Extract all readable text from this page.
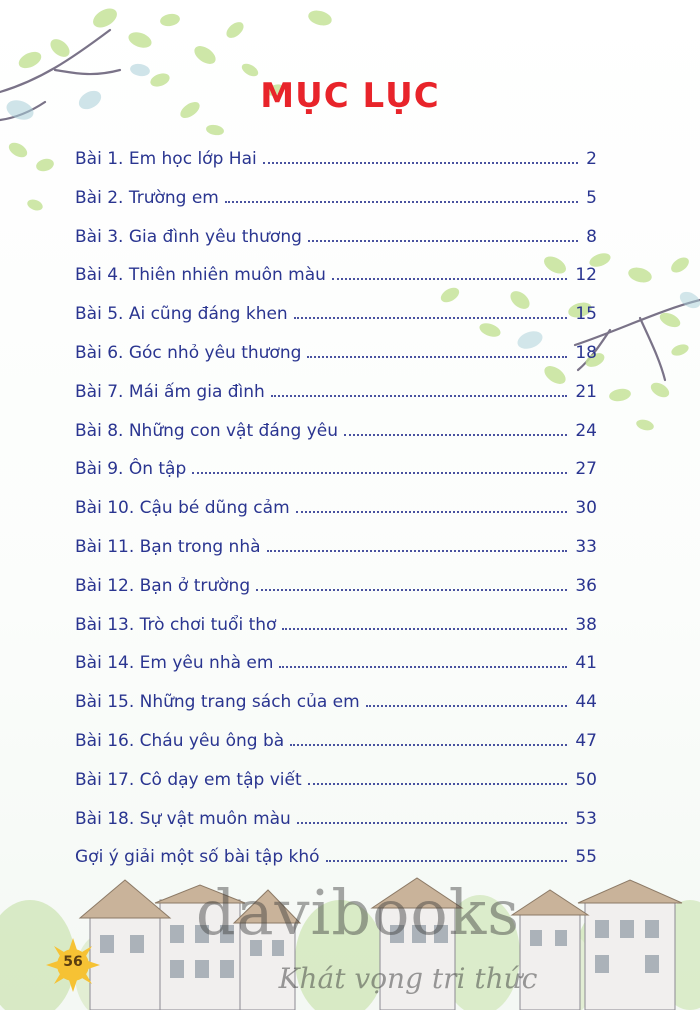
MỤC LỤC
Bài 1. Em học lớp Hai	2
Bài 2. Trường em	5
Bài 3. Gia đình yêu thương	8
Bài 4. Thiên nhiên muôn màu	12
Bài 5. Ai cũng đáng khen	15
Bài 6. Góc nhỏ yêu thương	18
Bài 7. Mái ấm gia đình	21
Bài 8. Những con vật đáng yêu	24
Bài 9. Ôn tập	27
Bài 10. Cậu bé dũng cảm	30
Bài 11. Bạn trong nhà	33
Bài 12. Bạn ở trường	36
Bài 13. Trò chơi tuổi thơ	38
Bài 14. Em yêu nhà em	41
Bài 15. Những trang sách của em	44
Bài 16. Cháu yêu ông bà	47
Bài 17. Cô dạy em tập viết	50
Bài 18. Sự vật muôn màu	53
Gợi ý giải một số bài tập khó	55
56
davibooks
Khát vọng tri thức
